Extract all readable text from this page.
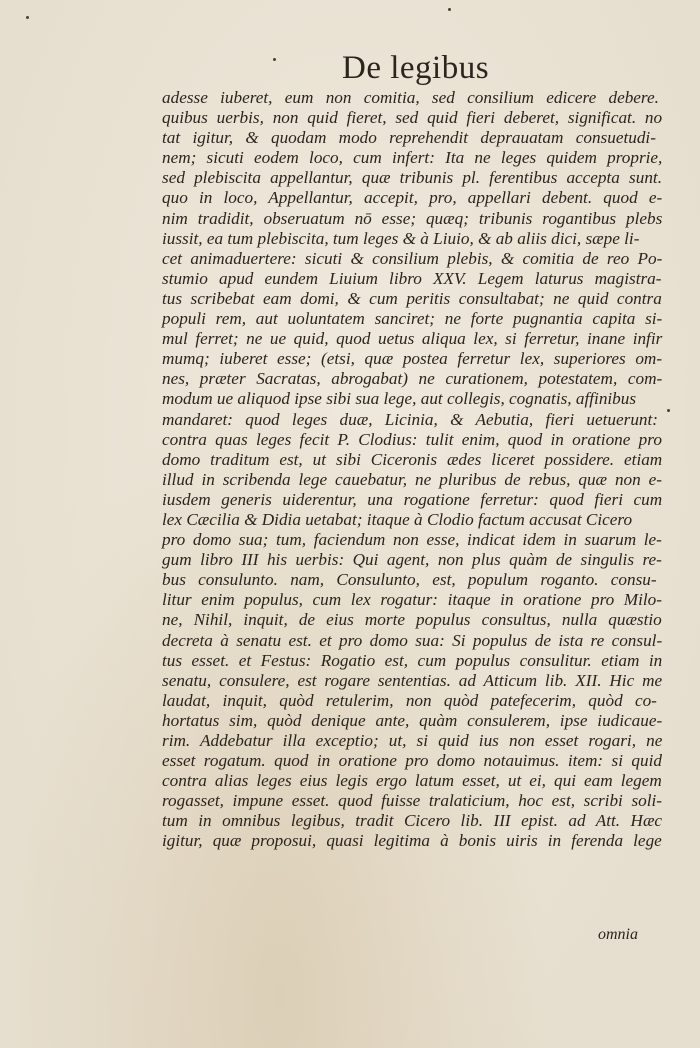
De legibus
adesse iuberet, eum non comitia, sed consilium edicere debere.
quibus uerbis, non quid fieret, sed quid fieri deberet, significat. no
tat igitur, & quodam modo reprehendit deprauatam consuetudi-
nem; sicuti eodem loco, cum infert: Ita ne leges quidem proprie,
sed plebiscita appellantur, quæ tribunis pl. ferentibus accepta sunt.
quo in loco, Appellantur, accepit, pro, appellari debent. quod e-
nim tradidit, obseruatum nō esse; quæq; tribunis rogantibus plebs
iussit, ea tum plebiscita, tum leges & à Liuio, & ab aliis dici, sæpe li-
cet animaduertere: sicuti & consilium plebis, & comitia de reo Po-
stumio apud eundem Liuium libro XXV. Legem laturus magistra-
tus scribebat eam domi, & cum peritis consultabat; ne quid contra
populi rem, aut uoluntatem sanciret; ne forte pugnantia capita si-
mul ferret; ne ue quid, quod uetus aliqua lex, si ferretur, inane infir
mumq; iuberet esse; (etsi, quæ postea ferretur lex, superiores om-
nes, præter Sacratas, abrogabat) ne curationem, potestatem, com-
modum ue aliquod ipse sibi sua lege, aut collegis, cognatis, affinibus
mandaret: quod leges duæ, Licinia, & Aebutia, fieri uetuerunt:
contra quas leges fecit P. Clodius: tulit enim, quod in oratione pro
domo traditum est, ut sibi Ciceronis ædes liceret possidere. etiam
illud in scribenda lege cauebatur, ne pluribus de rebus, quæ non e-
iusdem generis uiderentur, una rogatione ferretur: quod fieri cum
lex Cæcilia & Didia uetabat; itaque à Clodio factum accusat Cicero
pro domo sua; tum, faciendum non esse, indicat idem in suarum le-
gum libro III his uerbis: Qui agent, non plus quàm de singulis re-
bus consulunto. nam, Consulunto, est, populum roganto. consu-
litur enim populus, cum lex rogatur: itaque in oratione pro Milo-
ne, Nihil, inquit, de eius morte populus consultus, nulla quæstio
decreta à senatu est. et pro domo sua: Si populus de ista re consul-
tus esset. et Festus: Rogatio est, cum populus consulitur. etiam in
senatu, consulere, est rogare sententias. ad Atticum lib. XII. Hic me
laudat, inquit, quòd retulerim, non quòd patefecerim, quòd co-
hortatus sim, quòd denique ante, quàm consulerem, ipse iudicaue-
rim. Addebatur illa exceptio; ut, si quid ius non esset rogari, ne
esset rogatum. quod in oratione pro domo notauimus. item: si quid
contra alias leges eius legis ergo latum esset, ut ei, qui eam legem
rogasset, impune esset. quod fuisse tralaticium, hoc est, scribi soli-
tum in omnibus legibus, tradit Cicero lib. III epist. ad Att. Hæc
igitur, quæ proposui, quasi legitima à bonis uiris in ferenda lege
omnia
